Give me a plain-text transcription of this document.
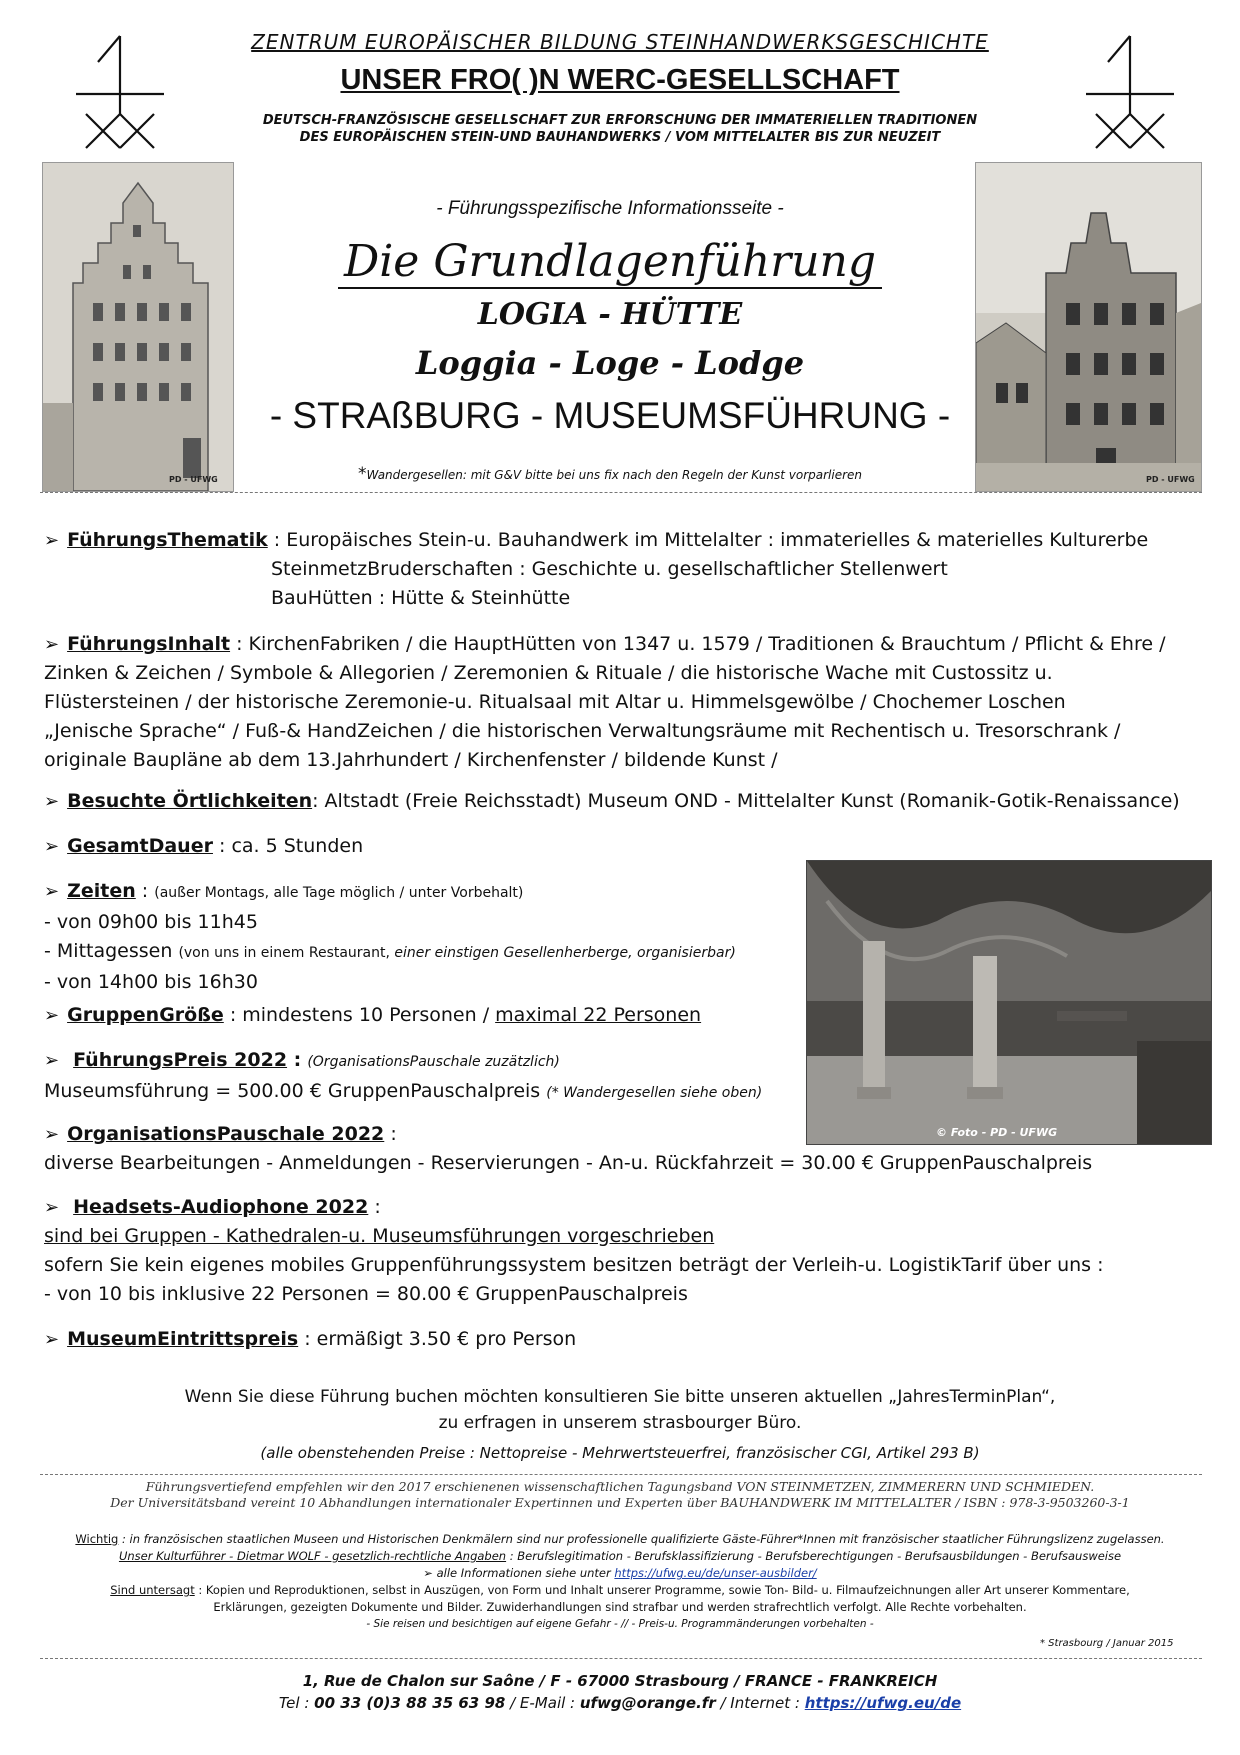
ZENTRUM EUROPÄISCHER BILDUNG STEINHANDWERKSGESCHICHTE
UNSER FRO( )N WERC-GESELLSCHAFT
DEUTSCH-FRANZÖSISCHE GESELLSCHAFT ZUR ERFORSCHUNG DER IMMATERIELLEN TRADITIONEN
DES EUROPÄISCHEN STEIN-UND BAUHANDWERKS / VOM MITTELALTER BIS ZUR NEUZEIT
PD - UFWG	PD - UFWG
- Führungsspezifische Informationsseite -
Die Grundlagenführung
LOGIA - HÜTTE
Loggia - Loge - Lodge
- STRAßBURG - MUSEUMSFÜHRUNG -
*Wandergesellen: mit G&V bitte bei uns fix nach den Regeln der Kunst vorparlieren
➢ FührungsThematik : Europäisches Stein-u. Bauhandwerk im Mittelalter : immaterielles & materielles Kulturerbe
SteinmetzBruderschaften : Geschichte u. gesellschaftlicher Stellenwert
BauHütten : Hütte & Steinhütte
➢ FührungsInhalt : KirchenFabriken / die HauptHütten von 1347 u. 1579 / Traditionen & Brauchtum / Pflicht & Ehre /
Zinken & Zeichen / Symbole & Allegorien / Zeremonien & Rituale / die historische Wache mit Custossitz u.
Flüstersteinen / der historische Zeremonie-u. Ritualsaal mit Altar u. Himmelsgewölbe / Chochemer Loschen
„Jenische Sprache“ / Fuß-& HandZeichen / die historischen Verwaltungsräume mit Rechentisch u. Tresorschrank /
originale Baupläne ab dem 13.Jahrhundert / Kirchenfenster / bildende Kunst /
➢ Besuchte Örtlichkeiten: Altstadt (Freie Reichsstadt) Museum OND - Mittelalter Kunst (Romanik-Gotik-Renaissance)
➢ GesamtDauer : ca. 5 Stunden
➢ Zeiten : (außer Montags, alle Tage möglich / unter Vorbehalt)
- von 09h00 bis 11h45
- Mittagessen (von uns in einem Restaurant, einer einstigen Gesellenherberge, organisierbar)
- von 14h00 bis 16h30
➢ GruppenGröße : mindestens 10 Personen / maximal 22 Personen
➢ FührungsPreis 2022 : (OrganisationsPauschale zuzätzlich)
Museumsführung = 500.00 € GruppenPauschalpreis (* Wandergesellen siehe oben)
➢ OrganisationsPauschale 2022 :
diverse Bearbeitungen - Anmeldungen - Reservierungen - An-u. Rückfahrzeit = 30.00 € GruppenPauschalpreis
➢ Headsets-Audiophone 2022 :
sind bei Gruppen - Kathedralen-u. Museumsführungen vorgeschrieben
sofern Sie kein eigenes mobiles Gruppenführungssystem besitzen beträgt der Verleih-u. LogistikTarif über uns :
- von 10 bis inklusive 22 Personen = 80.00 € GruppenPauschalpreis
➢ MuseumEintrittspreis : ermäßigt 3.50 € pro Person
© Foto - PD - UFWG
Wenn Sie diese Führung buchen möchten konsultieren Sie bitte unseren aktuellen „JahresTerminPlan“,
zu erfragen in unserem strasbourger Büro.
(alle obenstehenden Preise : Nettopreise - Mehrwertsteuerfrei, französischer CGI, Artikel 293 B)
Führungsvertiefend empfehlen wir den 2017 erschienenen wissenschaftlichen Tagungsband VON STEINMETZEN, ZIMMERERN UND SCHMIEDEN.
Der Universitätsband vereint 10 Abhandlungen internationaler Expertinnen und Experten über BAUHANDWERK IM MITTELALTER / ISBN : 978-3-9503260-3-1
Wichtig : in französischen staatlichen Museen und Historischen Denkmälern sind nur professionelle qualifizierte Gäste-Führer*Innen mit französischer staatlicher Führungslizenz zugelassen.
Unser Kulturführer - Dietmar WOLF - gesetzlich-rechtliche Angaben : Berufslegitimation - Berufsklassifizierung - Berufsberechtigungen - Berufsausbildungen - Berufsausweise
➢ alle Informationen siehe unter https://ufwg.eu/de/unser-ausbilder/
Sind untersagt : Kopien und Reproduktionen, selbst in Auszügen, von Form und Inhalt unserer Programme, sowie Ton- Bild- u. Filmaufzeichnungen aller Art unserer Kommentare,
Erklärungen, gezeigten Dokumente und Bilder. Zuwiderhandlungen sind strafbar und werden strafrechtlich verfolgt. Alle Rechte vorbehalten.
- Sie reisen und besichtigen auf eigene Gefahr - // - Preis-u. Programmänderungen vorbehalten -
* Strasbourg / Januar 2015
1, Rue de Chalon sur Saône / F - 67000 Strasbourg / FRANCE - FRANKREICH
Tel : 00 33 (0)3 88 35 63 98 / E-Mail : ufwg@orange.fr / Internet : https://ufwg.eu/de
